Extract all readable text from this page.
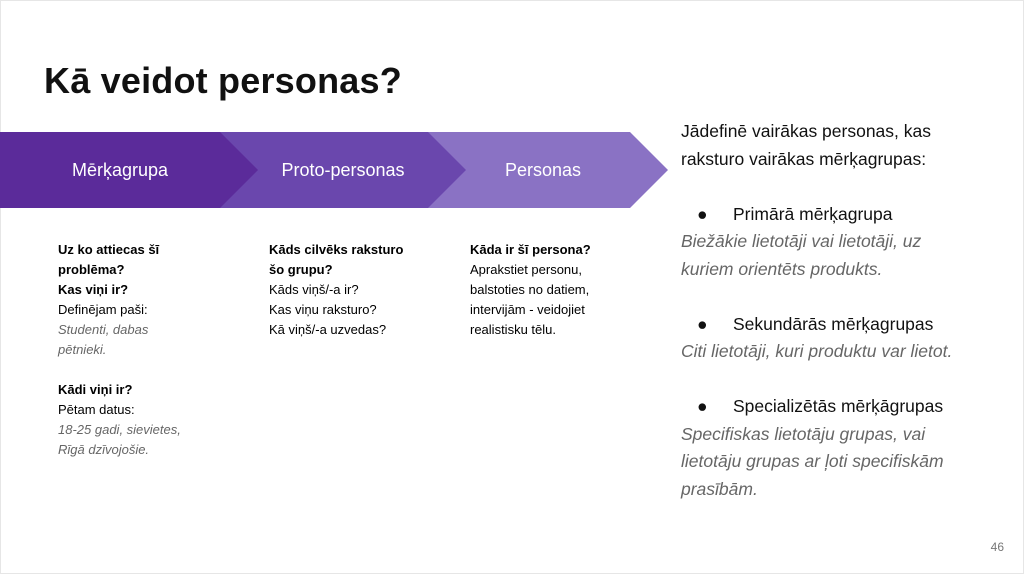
Kā veidot personas?
Mērķagrupa	Proto-personas	Personas
Uz ko attiecas šī
problēma?
Kas viņi ir?
Definējam paši:
Studenti, dabas
pētnieki.
Kādi viņi ir?
Pētam datus:
18-25 gadi, sievietes,
Rīgā dzīvojošie.
Kāds cilvēks raksturo
šo grupu?
Kāds viņš/-a ir?
Kas viņu raksturo?
Kā viņš/-a uzvedas?
Kāda ir šī persona?
Aprakstiet personu,
balstoties no datiem,
intervijām - veidojiet
realistisku tēlu.
Jādefinē vairākas personas, kas
raksturo vairākas mērķagrupas:
● Primārā mērķagrupa
Biežākie lietotāji vai lietotāji, uz
kuriem orientēts produkts.
● Sekundārās mērķagrupas
Citi lietotāji, kuri produktu var lietot.
● Specializētās mērķāgrupas
Specifiskas lietotāju grupas, vai
lietotāju grupas ar ļoti specifiskām
prasībām.
46
